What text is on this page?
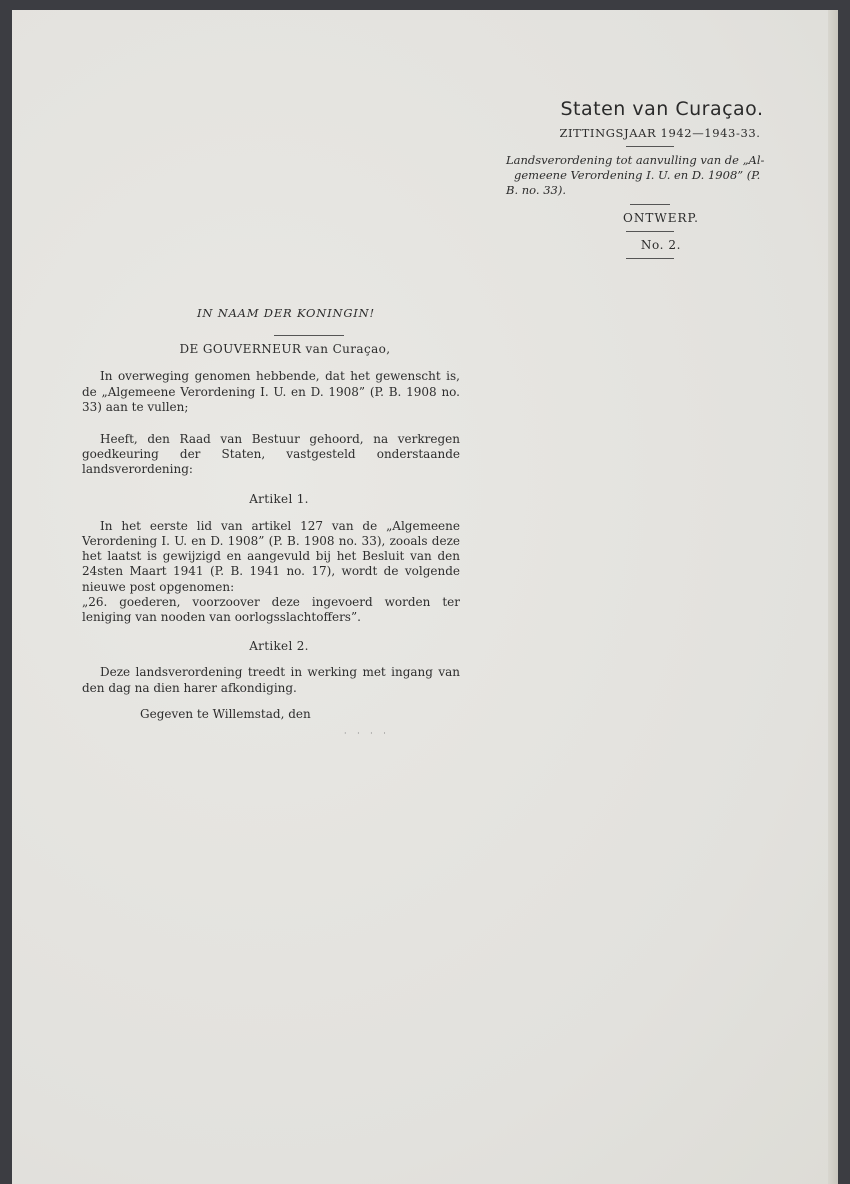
Staten van Curaçao.
ZITTINGSJAAR 1942—1943-33.
Landsverordening tot aanvulling van de „Al-
gemeene Verordening I. U. en D. 1908” (P.
B. no. 33).
ONTWERP.
No. 2.
IN NAAM DER KONINGIN!
DE GOUVERNEUR van Curaçao,
In overweging genomen hebbende, dat het gewenscht is, de „Algemeene Verordening I. U. en D. 1908” (P. B. 1908 no. 33) aan te vullen;
Heeft, den Raad van Bestuur gehoord, na verkregen goedkeuring der Staten, vastgesteld onderstaande landsverordening:
Artikel 1.
In het eerste lid van artikel 127 van de „Algemeene Verordening I. U. en D. 1908” (P. B. 1908 no. 33), zooals deze het laatst is gewijzigd en aangevuld bij het Besluit van den 24sten Maart 1941 (P. B. 1941 no. 17), wordt de volgende nieuwe post opgenomen:
„26. goederen, voorzoover deze ingevoerd worden ter leniging van nooden van oorlogsslachtoffers”.
Artikel 2.
Deze landsverordening treedt in werking met ingang van den dag na dien harer afkondiging.
Gegeven te Willemstad, den
· · · ·
